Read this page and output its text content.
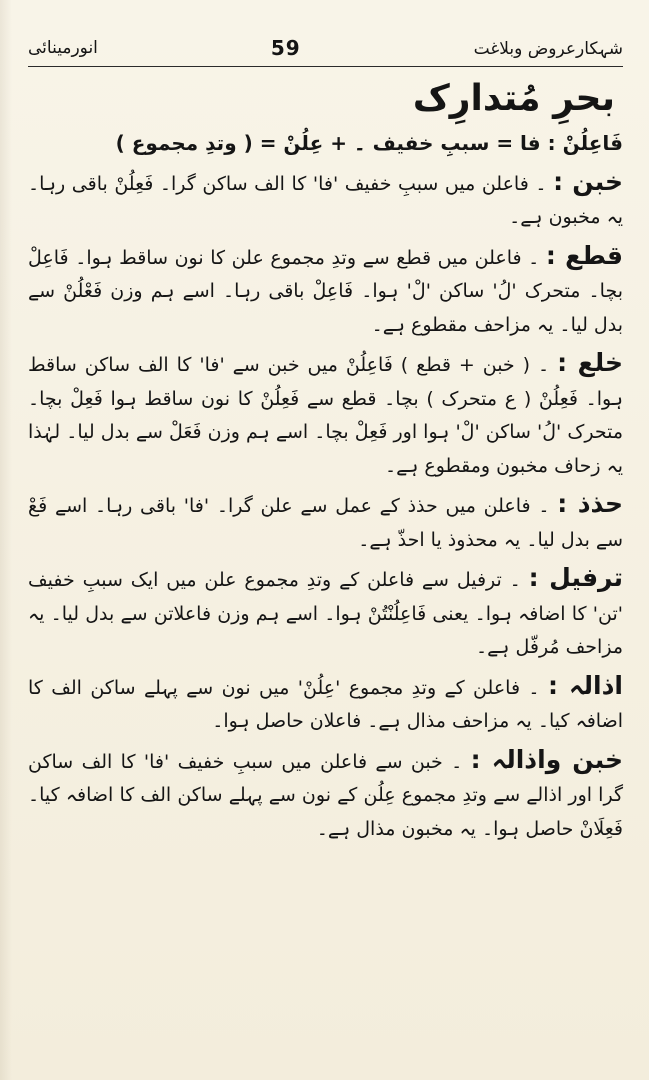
شہکارعروض وبلاغت
59
انورمینائی
بحرِ مُتدارِک

فَاعِلُنْ : فا = سببِ خفیف ۔ + عِلُنْ = ( وتدِ مجموع )

خبن : ۔ فاعلن میں سببِ خفیف 'فا' کا الف ساکن گرا۔ فَعِلُنْ باقی رہا۔ یہ مخبون ہے۔

قطع : ۔ فاعلن میں قطع سے وتدِ مجموع علن کا نون ساقط ہوا۔ فَاعِلْ بچا۔ متحرک 'لُ' ساکن 'لْ' ہوا۔ فَاعِلْ باقی رہا۔ اسے ہم وزن فَعْلُنْ سے بدل لیا۔ یہ مزاحف مقطوع ہے۔

خلع : ۔ ( خبن + قطع ) فَاعِلُنْ میں خبن سے 'فا' کا الف ساکن ساقط ہوا۔ فَعِلُنْ ( ع متحرک ) بچا۔ قطع سے فَعِلُنْ کا نون ساقط ہوا فَعِلْ بچا۔ متحرک 'لُ' ساکن 'لْ' ہوا اور فَعِلْ بچا۔ اسے ہم وزن فَعَلْ سے بدل لیا۔ لہٰذا یہ زحاف مخبون ومقطوع ہے۔

حذذ : ۔ فاعلن میں حذذ کے عمل سے علن گرا۔ 'فا' باقی رہا۔ اسے فَعْ سے بدل لیا۔ یہ محذوذ یا احذّ ہے۔

ترفیل : ۔ ترفیل سے فاعلن کے وتدِ مجموع علن میں ایک سببِ خفیف 'تن' کا اضافہ ہوا۔ یعنی فَاعِلُنْتُنْ ہوا۔ اسے ہم وزن فاعلاتن سے بدل لیا۔ یہ مزاحف مُرفّل ہے۔

اذالہ : ۔ فاعلن کے وتدِ مجموع 'عِلُنْ' میں نون سے پہلے ساکن الف کا اضافہ کیا۔ یہ مزاحف مذال ہے۔ فاعلان حاصل ہوا۔

خبن واذالہ : ۔ خبن سے فاعلن میں سببِ خفیف 'فا' کا الف ساکن گرا اور اذالے سے وتدِ مجموع عِلُن کے نون سے پہلے ساکن الف کا اضافہ کیا۔ فَعِلَانْ حاصل ہوا۔ یہ مخبون مذال ہے۔
